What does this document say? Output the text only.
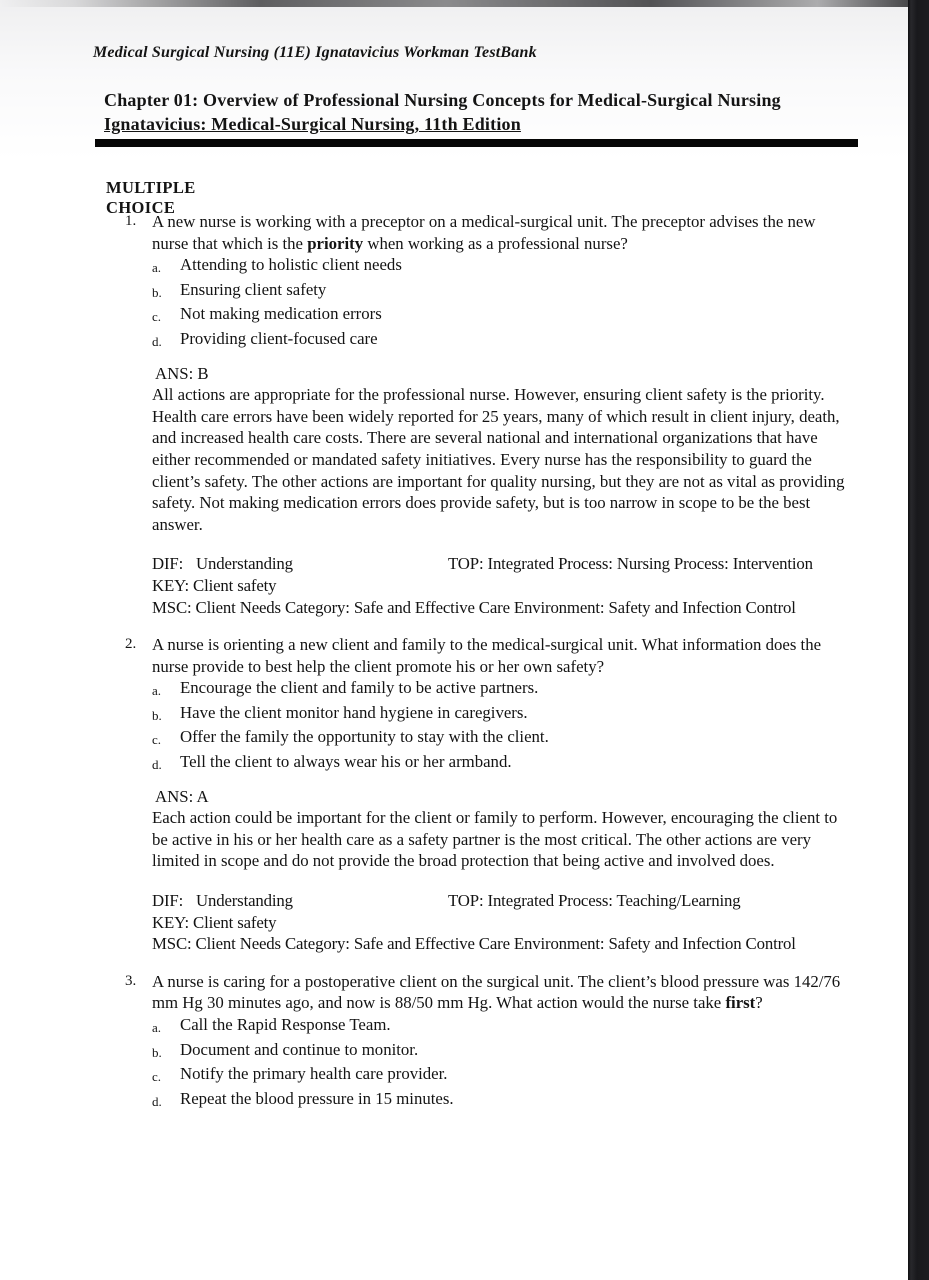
Medical Surgical Nursing (11E) Ignatavicius Workman TestBank
Chapter 01: Overview of Professional Nursing Concepts for Medical-Surgical Nursing
Ignatavicius: Medical-Surgical Nursing, 11th Edition
MULTIPLE CHOICE
1. A new nurse is working with a preceptor on a medical-surgical unit. The preceptor advises the new nurse that which is the priority when working as a professional nurse?

a.	Attending to holistic client needs
b.	Ensuring client safety
c.	Not making medication errors
d.	Providing client-focused care
ANS: B
All actions are appropriate for the professional nurse. However, ensuring client safety is the priority. Health care errors have been widely reported for 25 years, many of which result in client injury, death, and increased health care costs. There are several national and international organizations that have either recommended or mandated safety initiatives. Every nurse has the responsibility to guard the client’s safety. The other actions are important for quality nursing, but they are not as vital as providing safety. Not making medication errors does provide safety, but is too narrow in scope to be the best answer.
DIF: Understanding	TOP: Integrated Process: Nursing Process: Intervention
KEY: Client safety
MSC: Client Needs Category: Safe and Effective Care Environment: Safety and Infection Control
2. A nurse is orienting a new client and family to the medical-surgical unit. What information does the nurse provide to best help the client promote his or her own safety?

a.	Encourage the client and family to be active partners.
b.	Have the client monitor hand hygiene in caregivers.
c.	Offer the family the opportunity to stay with the client.
d.	Tell the client to always wear his or her armband.
ANS: A
Each action could be important for the client or family to perform. However, encouraging the client to be active in his or her health care as a safety partner is the most critical. The other actions are very limited in scope and do not provide the broad protection that being active and involved does.
DIF: Understanding	TOP: Integrated Process: Teaching/Learning
KEY: Client safety
MSC: Client Needs Category: Safe and Effective Care Environment: Safety and Infection Control
3. A nurse is caring for a postoperative client on the surgical unit. The client’s blood pressure was 142/76 mm Hg 30 minutes ago, and now is 88/50 mm Hg. What action would the nurse take first?

a.	Call the Rapid Response Team.
b.	Document and continue to monitor.
c.	Notify the primary health care provider.
d.	Repeat the blood pressure in 15 minutes.
